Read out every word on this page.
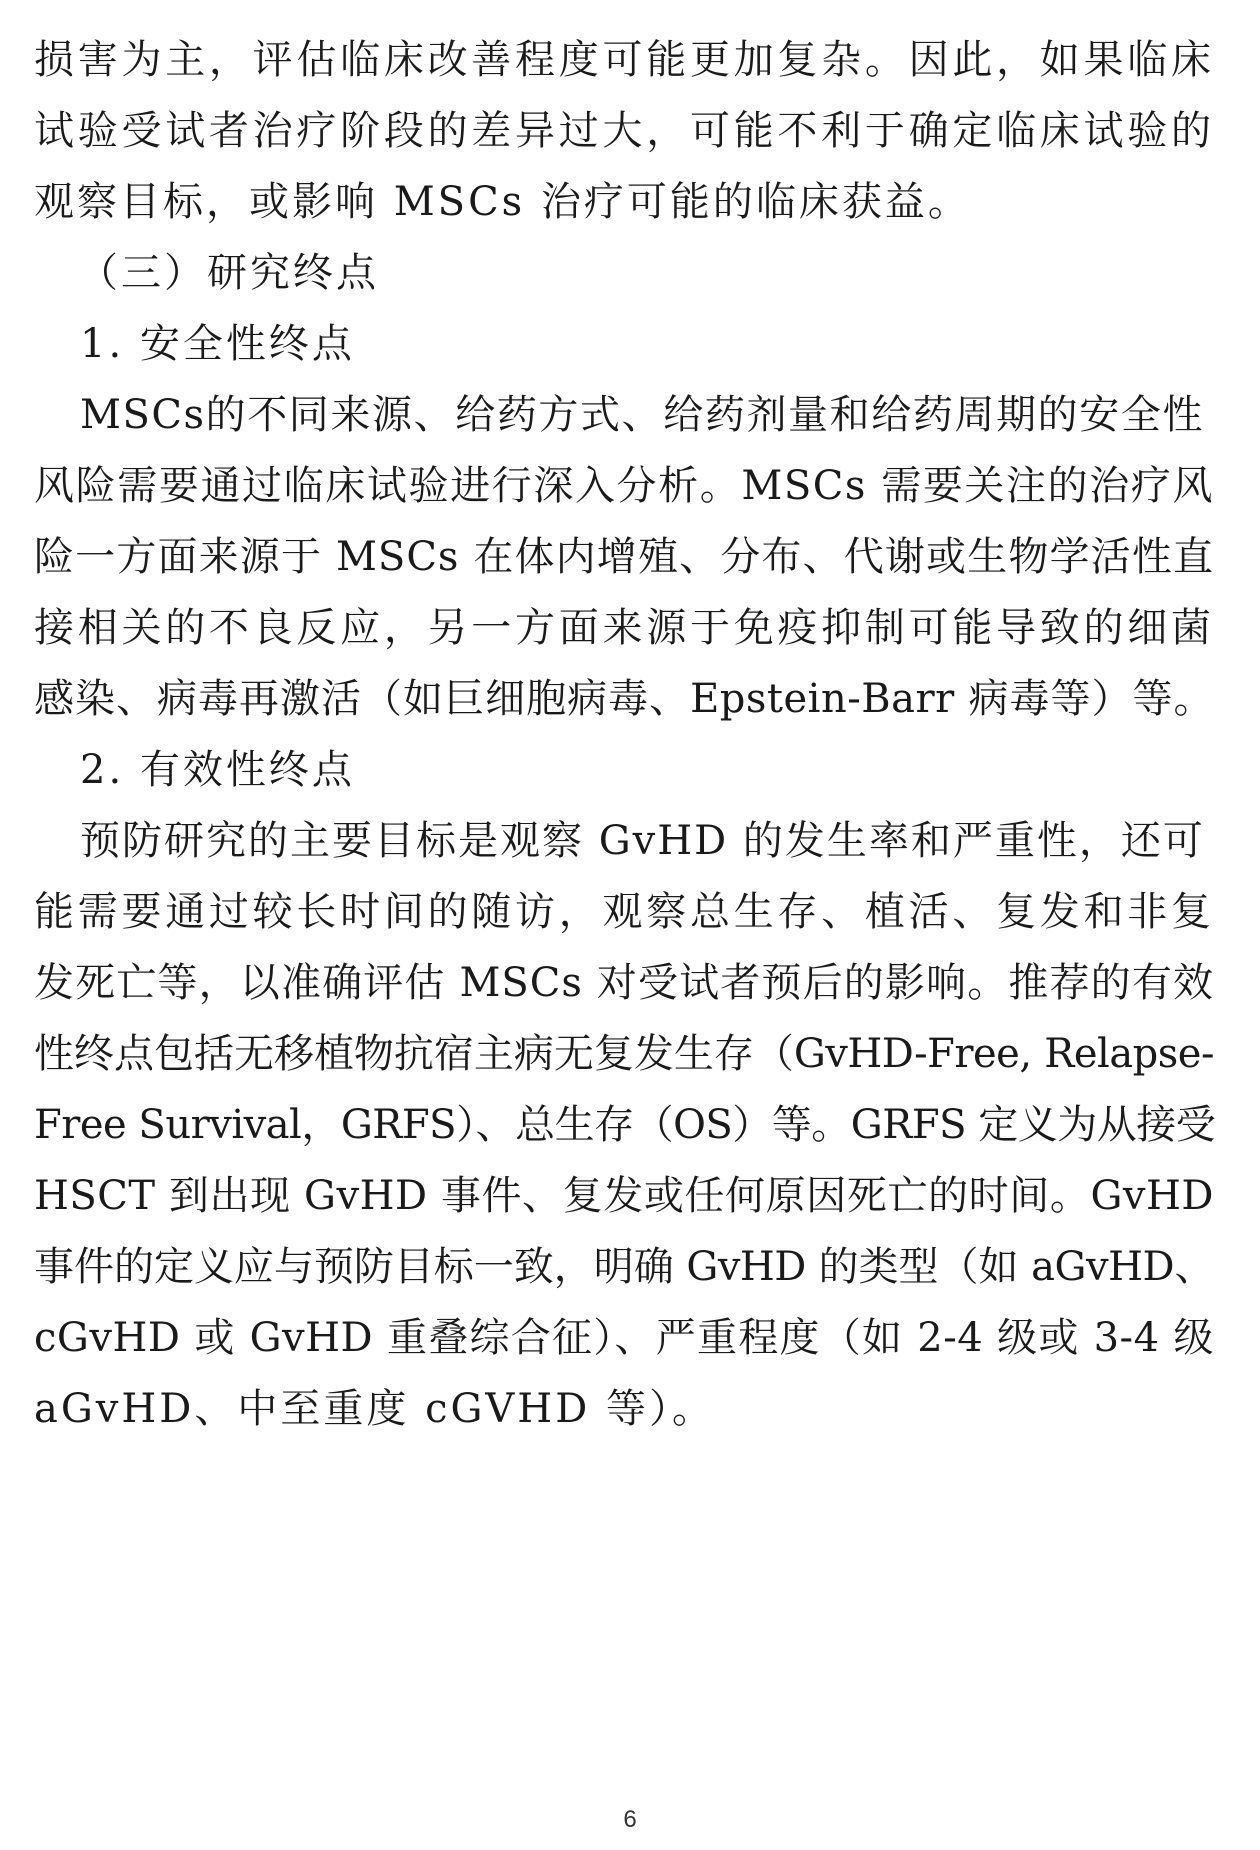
损害为主，评估临床改善程度可能更加复杂。因此，如果临床
试验受试者治疗阶段的差异过大，可能不利于确定临床试验的
观察目标，或影响 MSCs 治疗可能的临床获益。
（三）研究终点
1. 安全性终点
MSCs的不同来源、给药方式、给药剂量和给药周期的安全性
风险需要通过临床试验进行深入分析。MSCs 需要关注的治疗风
险一方面来源于 MSCs 在体内增殖、分布、代谢或生物学活性直
接相关的不良反应，另一方面来源于免疫抑制可能导致的细菌
感染、病毒再激活（如巨细胞病毒、Epstein-Barr 病毒等）等。
2. 有效性终点
预防研究的主要目标是观察 GvHD 的发生率和严重性，还可
能需要通过较长时间的随访，观察总生存、植活、复发和非复
发死亡等，以准确评估 MSCs 对受试者预后的影响。推荐的有效
性终点包括无移植物抗宿主病无复发生存（GvHD-Free, Relapse-
Free Survival，GRFS）、总生存（OS）等。GRFS 定义为从接受
HSCT 到出现 GvHD 事件、复发或任何原因死亡的时间。GvHD
事件的定义应与预防目标一致，明确 GvHD 的类型（如 aGvHD、
cGvHD 或 GvHD 重叠综合征）、严重程度（如 2-4 级或 3-4 级
aGvHD、中至重度 cGVHD 等）。
6
